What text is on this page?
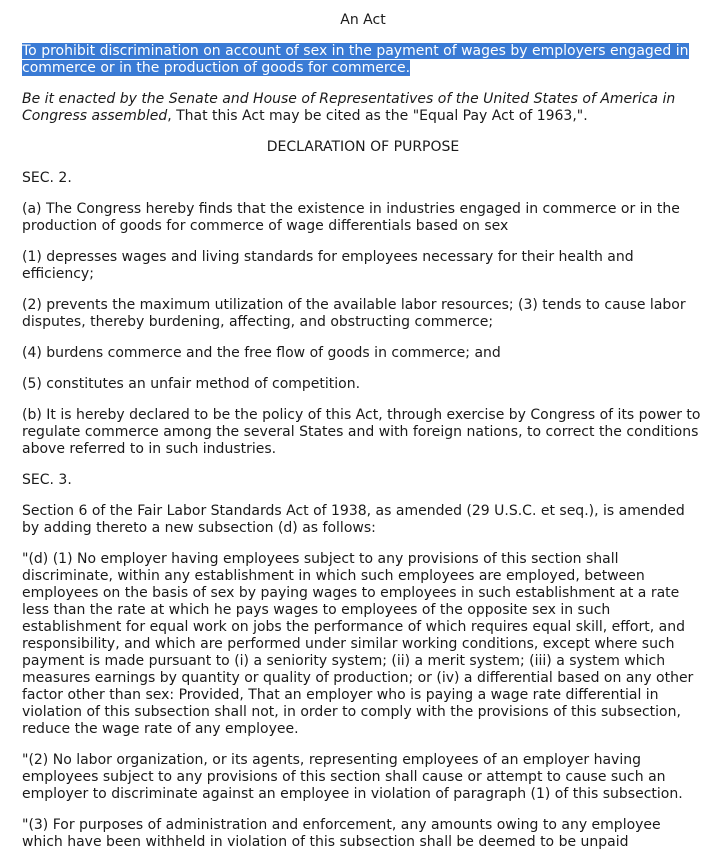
An Act
To prohibit discrimination on account of sex in the payment of wages by employers engaged in commerce or in the production of goods for commerce.
Be it enacted by the Senate and House of Representatives of the United States of America in Congress assembled, That this Act may be cited as the "Equal Pay Act of 1963,".
DECLARATION OF PURPOSE

SEC. 2.

(a) The Congress hereby finds that the existence in industries engaged in commerce or in the production of goods for commerce of wage differentials based on sex

(1) depresses wages and living standards for employees necessary for their health and efficiency;

(2) prevents the maximum utilization of the available labor resources; (3) tends to cause labor disputes, thereby burdening, affecting, and obstructing commerce;

(4) burdens commerce and the free flow of goods in commerce; and

(5) constitutes an unfair method of competition.

(b) It is hereby declared to be the policy of this Act, through exercise by Congress of its power to regulate commerce among the several States and with foreign nations, to correct the conditions above referred to in such industries.

SEC. 3.

Section 6 of the Fair Labor Standards Act of 1938, as amended (29 U.S.C. et seq.), is amended by adding thereto a new subsection (d) as follows:

"(d) (1) No employer having employees subject to any provisions of this section shall discriminate, within any establishment in which such employees are employed, between employees on the basis of sex by paying wages to employees in such establishment at a rate less than the rate at which he pays wages to employees of the opposite sex in such establishment for equal work on jobs the performance of which requires equal skill, effort, and responsibility, and which are performed under similar working conditions, except where such payment is made pursuant to (i) a seniority system; (ii) a merit system; (iii) a system which measures earnings by quantity or quality of production; or (iv) a differential based on any other factor other than sex: Provided, That an employer who is paying a wage rate differential in violation of this subsection shall not, in order to comply with the provisions of this subsection, reduce the wage rate of any employee.

"(2) No labor organization, or its agents, representing employees of an employer having employees subject to any provisions of this section shall cause or attempt to cause such an employer to discriminate against an employee in violation of paragraph (1) of this subsection.

"(3) For purposes of administration and enforcement, any amounts owing to any employee which have been withheld in violation of this subsection shall be deemed to be unpaid
